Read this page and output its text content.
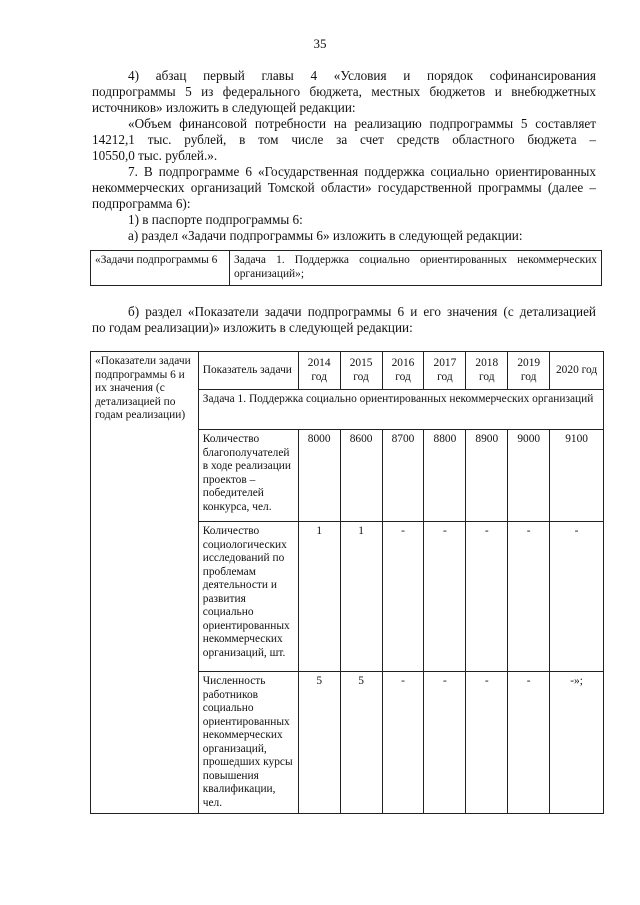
35
4) абзац первый главы 4 «Условия и порядок софинансирования
подпрограммы 5 из федерального бюджета, местных бюджетов и внебюджетных
источников» изложить в следующей редакции:
«Объем финансовой потребности на реализацию подпрограммы 5 составляет
14212,1 тыс. рублей, в том числе за счет средств областного бюджета –
10550,0 тыс. рублей.».
7. В подпрограмме 6 «Государственная поддержка социально ориентированных
некоммерческих организаций Томской области» государственной программы (далее –
подпрограмма 6):
1) в паспорте подпрограммы 6:
а) раздел «Задачи подпрограммы 6» изложить в следующей редакции:
«Задачи подпрограммы 6	Задача 1. Поддержка социально ориентированных некоммерческих организаций»;
б) раздел «Показатели задачи подпрограммы 6 и его значения (с детализацией
по годам реализации)» изложить в следующей редакции:
«Показатели задачи подпрограммы 6 и их значения (с детализацией по годам реализации)	Показатель задачи	2014 год	2015 год	2016 год	2017 год	2018 год	2019 год	2020 год
	Задача 1. Поддержка социально ориентированных некоммерческих организаций							
	Количество благополучателей в ходе реализации проектов – победителей конкурса, чел.	8000	8600	8700	8800	8900	9000	9100
	Количество социологических исследований по проблемам деятельности и развития социально ориентированных некоммерческих организаций, шт.	1	1	-	-	-	-	-
	Численность работников социально ориентированных некоммерческих организаций, прошедших курсы повышения квалификации, чел.	5	5	-	-	-	-	-»;
